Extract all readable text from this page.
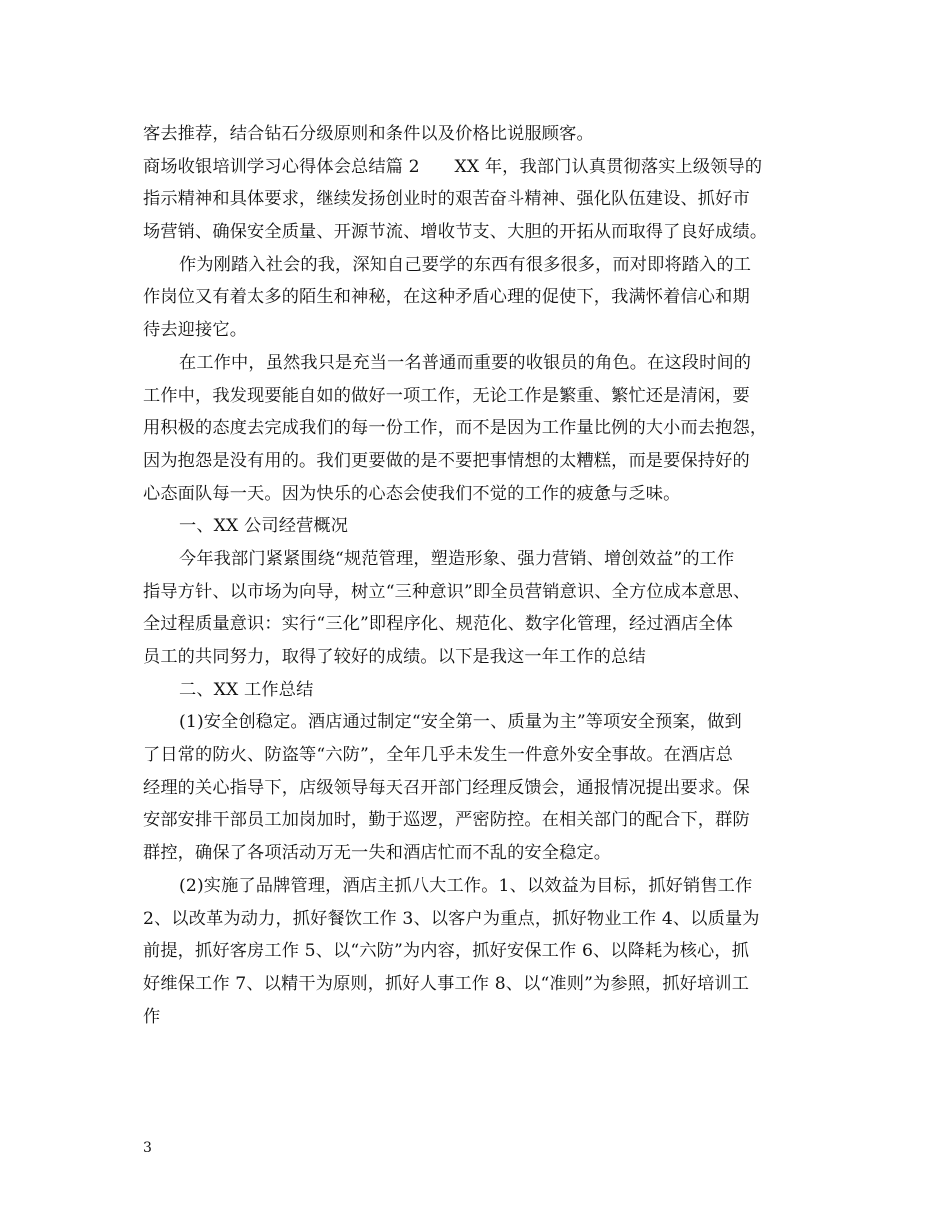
客去推荐，结合钻石分级原则和条件以及价格比说服顾客。
商场收银培训学习心得体会总结篇 2　　XX 年，我部门认真贯彻落实上级领导的
指示精神和具体要求，继续发扬创业时的艰苦奋斗精神、强化队伍建设、抓好市
场营销、确保安全质量、开源节流、增收节支、大胆的开拓从而取得了良好成绩。
作为刚踏入社会的我，深知自己要学的东西有很多很多，而对即将踏入的工
作岗位又有着太多的陌生和神秘，在这种矛盾心理的促使下，我满怀着信心和期
待去迎接它。
在工作中，虽然我只是充当一名普通而重要的收银员的角色。在这段时间的
工作中，我发现要能自如的做好一项工作，无论工作是繁重、繁忙还是清闲，要
用积极的态度去完成我们的每一份工作，而不是因为工作量比例的大小而去抱怨，
因为抱怨是没有用的。我们更要做的是不要把事情想的太糟糕，而是要保持好的
心态面队每一天。因为快乐的心态会使我们不觉的工作的疲惫与乏味。
一、XX 公司经营概况
今年我部门紧紧围绕“规范管理，塑造形象、强力营销、增创效益”的工作
指导方针、以市场为向导，树立“三种意识”即全员营销意识、全方位成本意思、
全过程质量意识：实行“三化”即程序化、规范化、数字化管理，经过酒店全体
员工的共同努力，取得了较好的成绩。以下是我这一年工作的总结
二、XX 工作总结
(1)安全创稳定。酒店通过制定“安全第一、质量为主”等项安全预案，做到
了日常的防火、防盗等“六防”，全年几乎未发生一件意外安全事故。在酒店总
经理的关心指导下，店级领导每天召开部门经理反馈会，通报情况提出要求。保
安部安排干部员工加岗加时，勤于巡逻，严密防控。在相关部门的配合下，群防
群控，确保了各项活动万无一失和酒店忙而不乱的安全稳定。
(2)实施了品牌管理，酒店主抓八大工作。1、以效益为目标，抓好销售工作
2、以改革为动力，抓好餐饮工作 3、以客户为重点，抓好物业工作 4、以质量为
前提，抓好客房工作 5、以“六防”为内容，抓好安保工作 6、以降耗为核心，抓
好维保工作 7、以精干为原则，抓好人事工作 8、以“准则”为参照，抓好培训工
作
3
